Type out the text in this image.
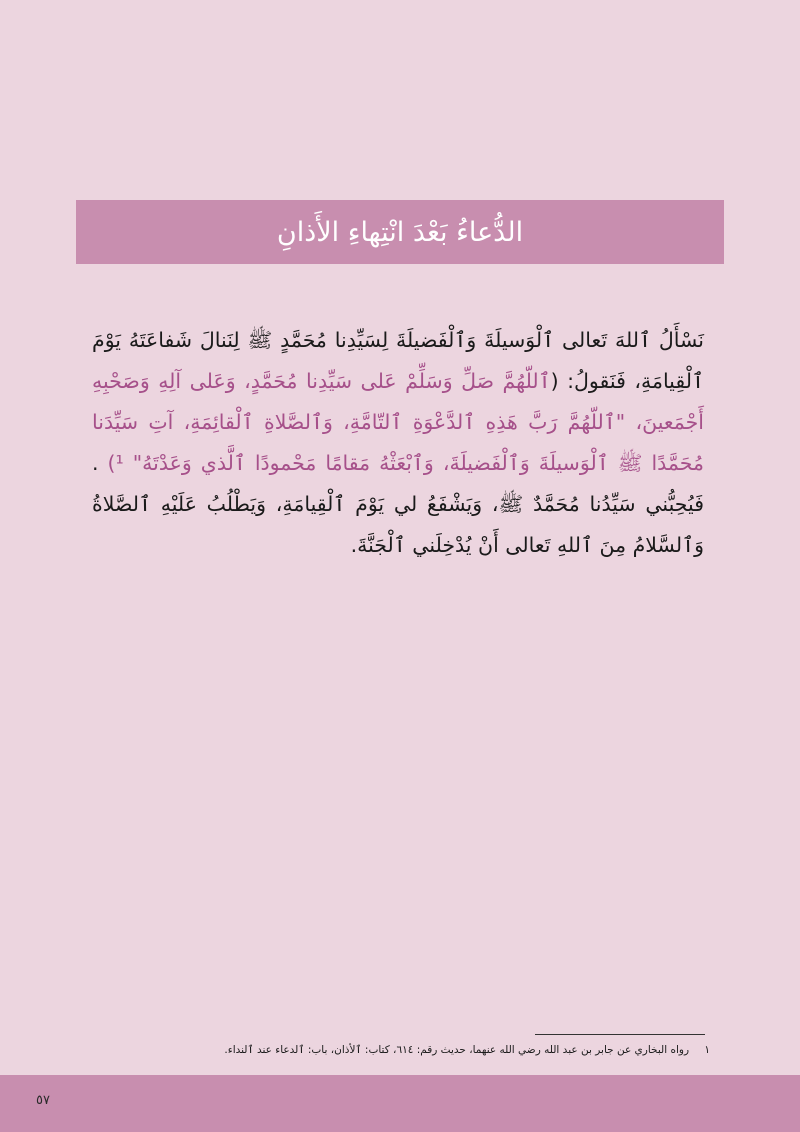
الدُّعاءُ بَعْدَ انْتِهاءِ الأَذانِ
نَسْأَلُ ٱللهَ تَعالى ٱلْوَسيلَةَ وَٱلْفَضيلَةَ لِسَيِّدِنا مُحَمَّدٍ ﷺ لِنَنالَ شَفاعَتَهُ يَوْمَ ٱلْقِيامَةِ، فَنَقولُ: (ٱللّهُمَّ صَلِّ وَسَلِّمْ عَلى سَيِّدِنا مُحَمَّدٍ، وَعَلى آلِهِ وَصَحْبِهِ أَجْمَعينَ، "ٱللّهُمَّ رَبَّ هَذِهِ ٱلدَّعْوَةِ ٱلتّامَّةِ، وَٱلصَّلاةِ ٱلْقائِمَةِ، آتِ سَيِّدَنا مُحَمَّدًا ﷺ ٱلْوَسيلَةَ وَٱلْفَضيلَةَ، وَٱبْعَثْهُ مَقامًا مَحْمودًا ٱلَّذي وَعَدْتَهُ" ¹) . فَيُحِبُّني سَيِّدُنا مُحَمَّدٌ ﷺ، وَيَشْفَعُ لي يَوْمَ ٱلْقِيامَةِ، وَيَطْلُبُ عَلَيْهِ ٱلصَّلاةُ وَٱلسَّلامُ مِنَ ٱللهِ تَعالى أَنْ يُدْخِلَني ٱلْجَنَّةَ.
١ رواه البخاري عن جابر بن عبد الله رضي الله عنهما، حديث رقم: ٦١٤، كتاب: ٱلأذان، باب: ٱلدعاء عند ٱلنداء.
٥٧
